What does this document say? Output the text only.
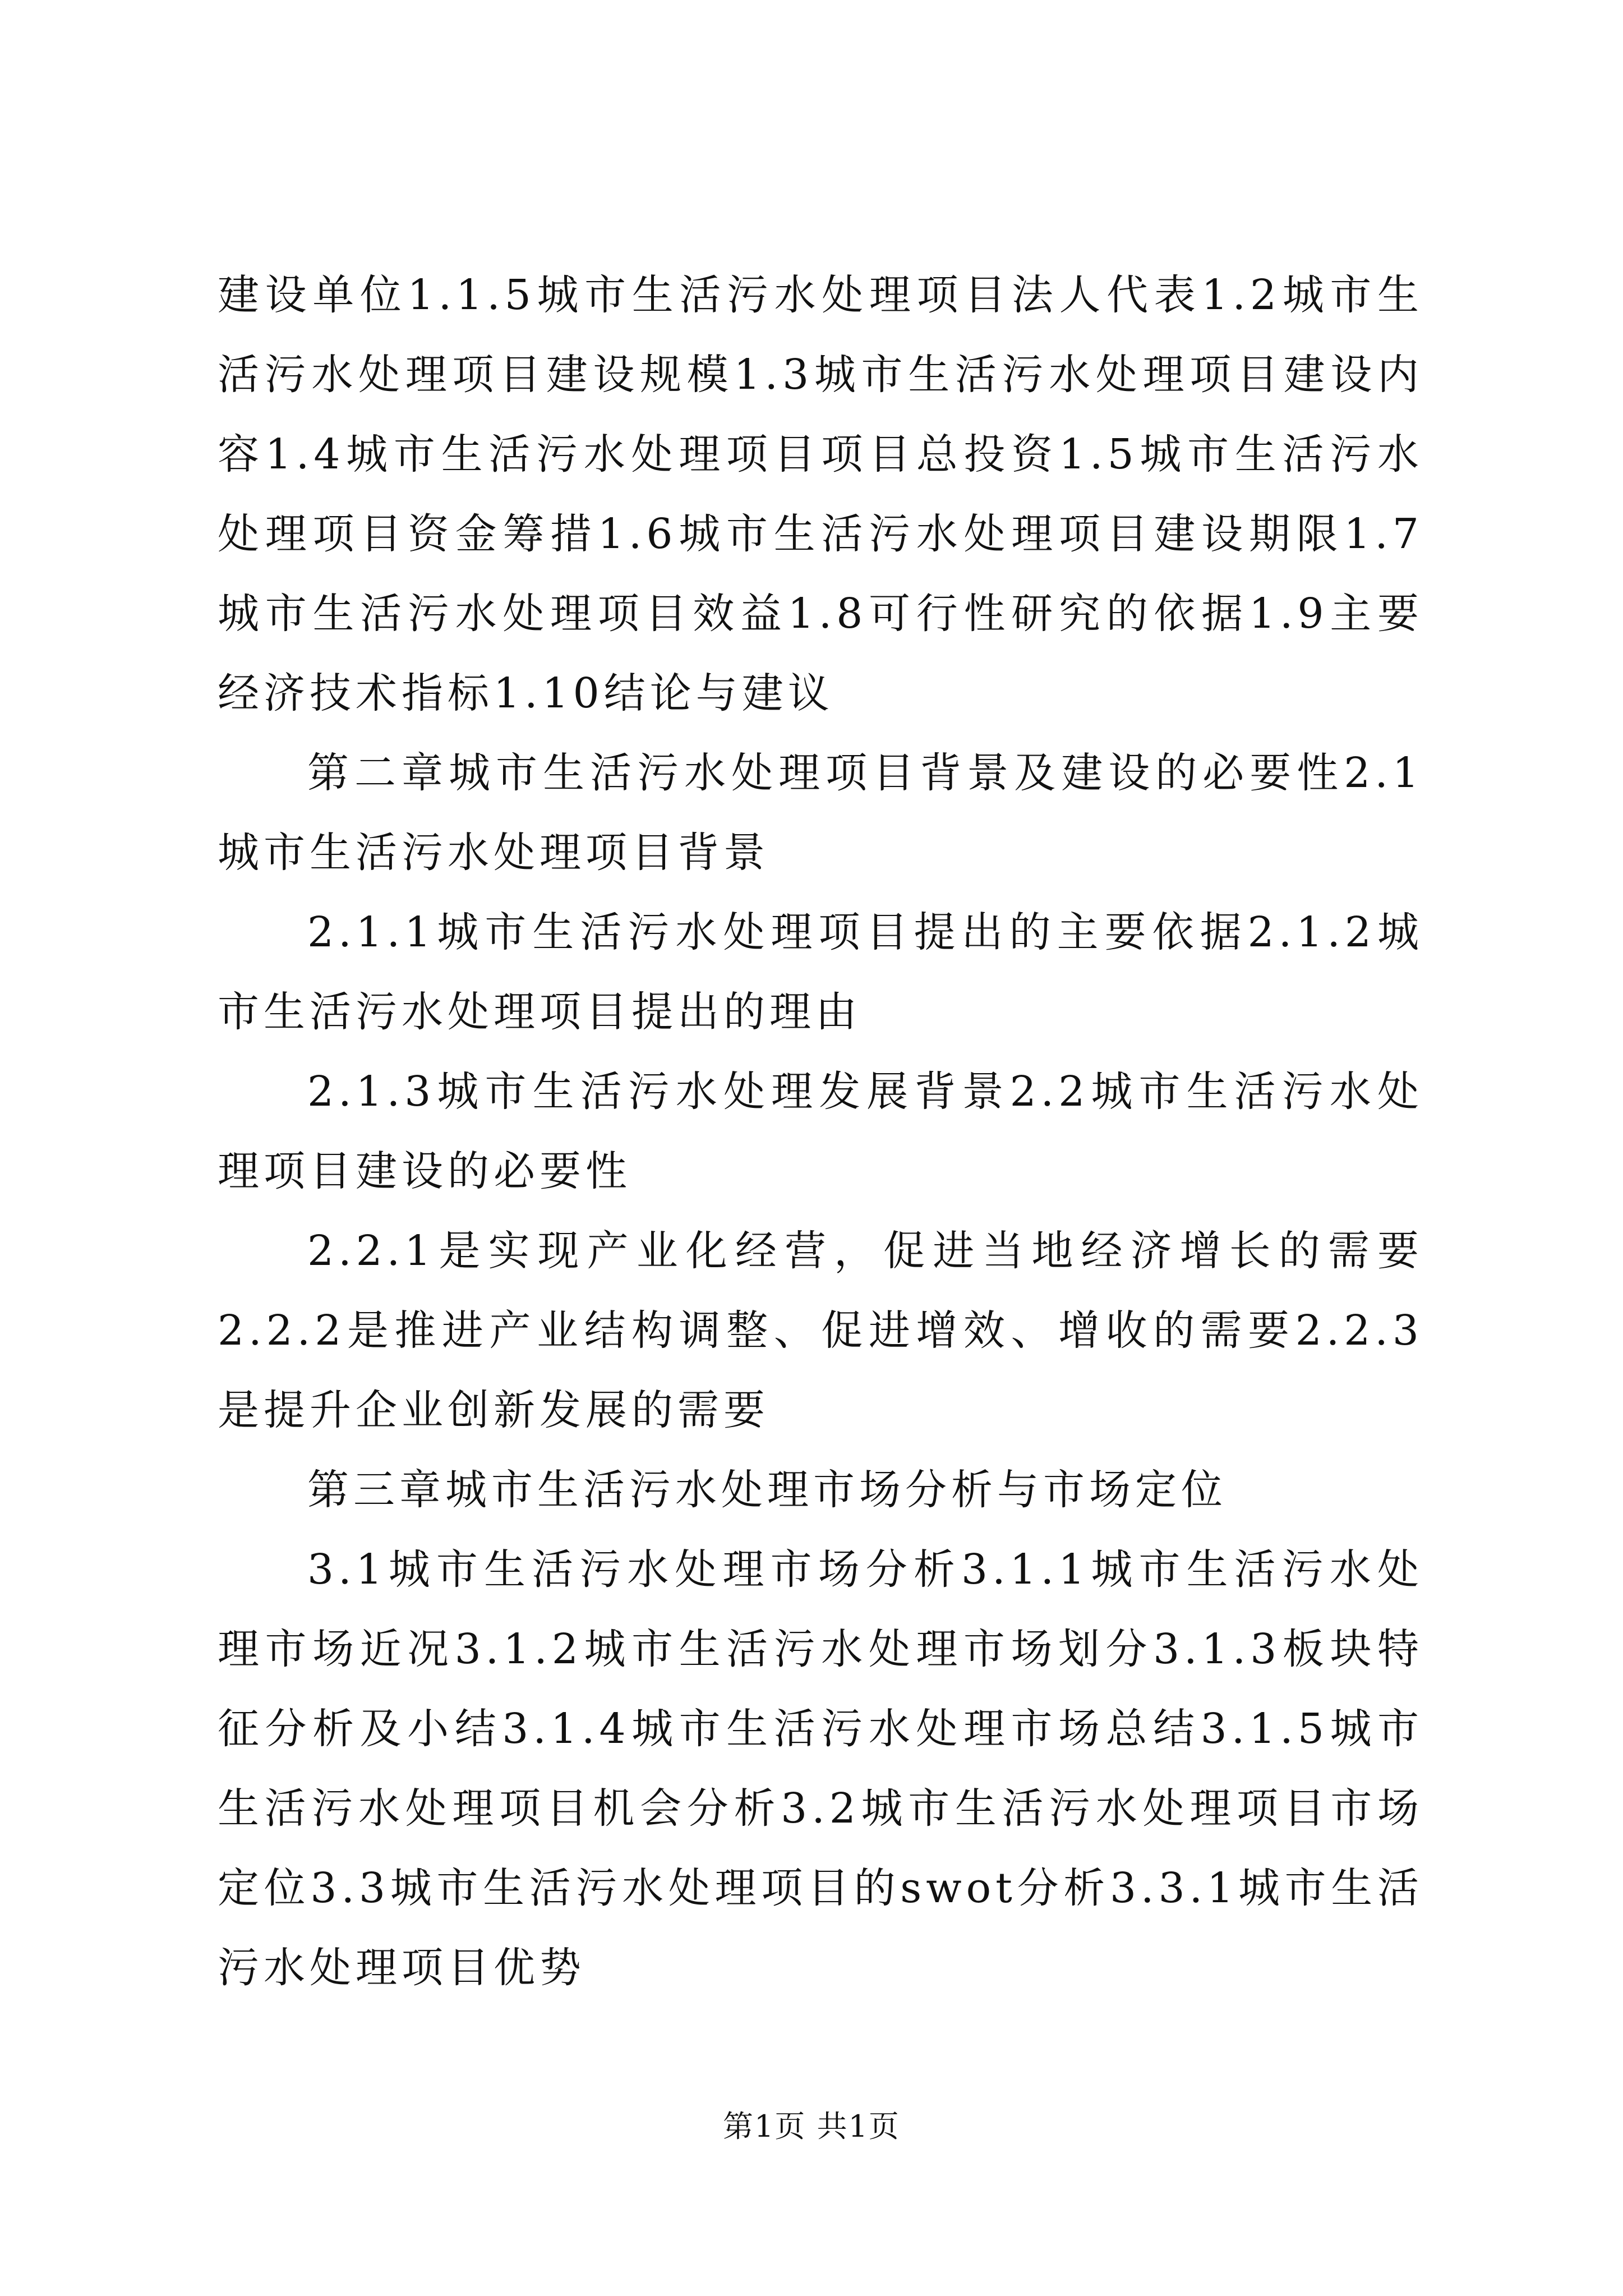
建设单位1.1.5城市生活污水处理项目法人代表1.2城市生活污水处理项目建设规模1.3城市生活污水处理项目建设内容1.4城市生活污水处理项目项目总投资1.5城市生活污水处理项目资金筹措1.6城市生活污水处理项目建设期限1.7城市生活污水处理项目效益1.8可行性研究的依据1.9主要经济技术指标1.10结论与建议

第二章城市生活污水处理项目背景及建设的必要性2.1城市生活污水处理项目背景

2.1.1城市生活污水处理项目提出的主要依据2.1.2城市生活污水处理项目提出的理由

2.1.3城市生活污水处理发展背景2.2城市生活污水处理项目建设的必要性

2.2.1是实现产业化经营，促进当地经济增长的需要2.2.2是推进产业结构调整、促进增效、增收的需要2.2.3是提升企业创新发展的需要

第三章城市生活污水处理市场分析与市场定位

3.1城市生活污水处理市场分析3.1.1城市生活污水处理市场近况3.1.2城市生活污水处理市场划分3.1.3板块特征分析及小结3.1.4城市生活污水处理市场总结3.1.5城市生活污水处理项目机会分析3.2城市生活污水处理项目市场定位3.3城市生活污水处理项目的swot分析3.3.1城市生活污水处理项目优势

第1页 共1页
